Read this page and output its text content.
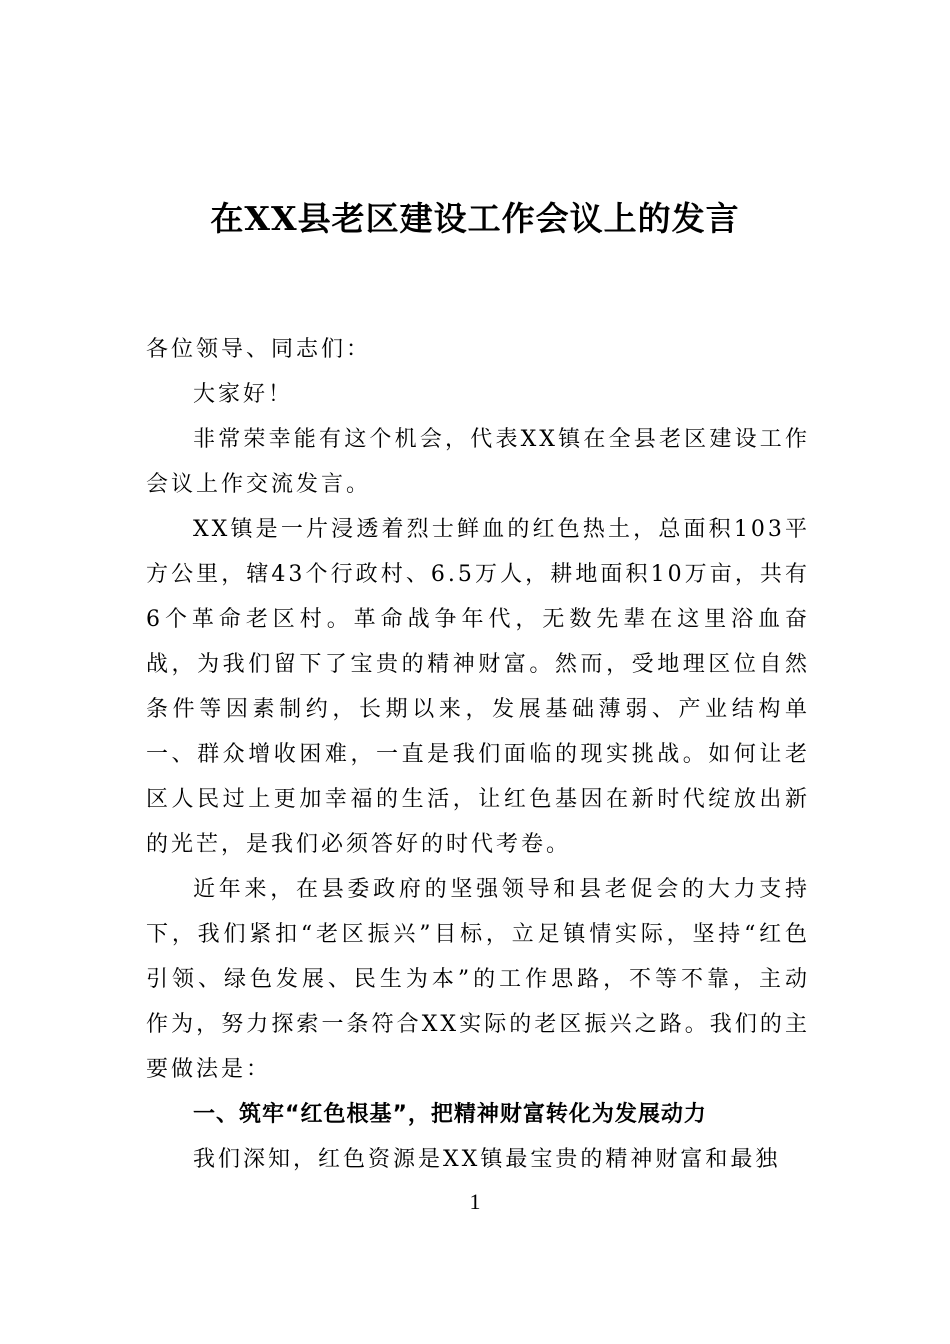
在XX县老区建设工作会议上的发言

各位领导、同志们：

大家好！

非常荣幸能有这个机会，代表XX镇在全县老区建设工作会议上作交流发言。

XX镇是一片浸透着烈士鲜血的红色热土，总面积103平方公里，辖43个行政村、6.5万人，耕地面积10万亩，共有6个革命老区村。革命战争年代，无数先辈在这里浴血奋战，为我们留下了宝贵的精神财富。然而，受地理区位自然条件等因素制约，长期以来，发展基础薄弱、产业结构单一、群众增收困难，一直是我们面临的现实挑战。如何让老区人民过上更加幸福的生活，让红色基因在新时代绽放出新的光芒，是我们必须答好的时代考卷。

近年来，在县委政府的坚强领导和县老促会的大力支持下，我们紧扣“老区振兴”目标，立足镇情实际，坚持“红色引领、绿色发展、民生为本”的工作思路，不等不靠，主动作为，努力探索一条符合XX实际的老区振兴之路。我们的主要做法是：

一、筑牢“红色根基”，把精神财富转化为发展动力

我们深知，红色资源是XX镇最宝贵的精神财富和最独

1
